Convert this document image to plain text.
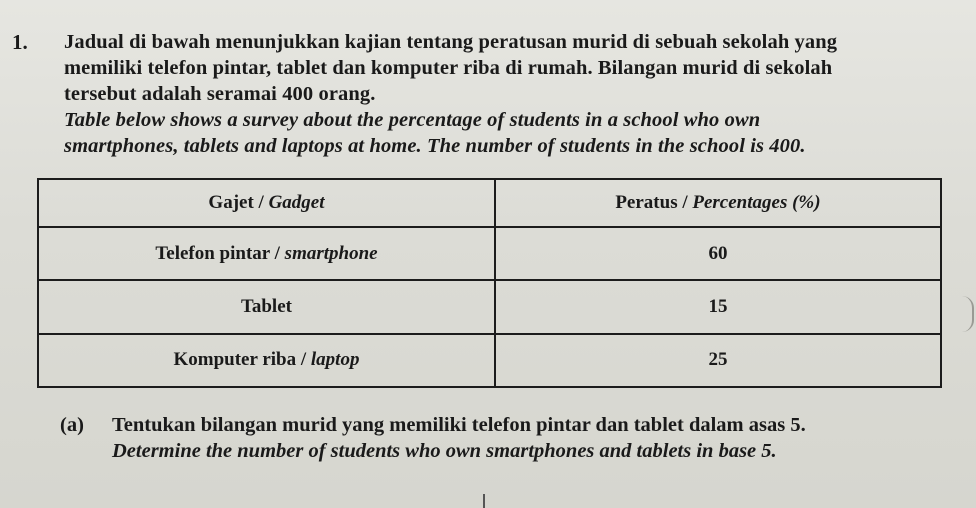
1. Jadual di bawah menunjukkan kajian tentang peratusan murid di sebuah sekolah yang
memiliki telefon pintar, tablet dan komputer riba di rumah. Bilangan murid di sekolah
tersebut adalah seramai 400 orang.
Table below shows a survey about the percentage of students in a school who own
smartphones, tablets and laptops at home. The number of students in the school is 400.
Gajet / Gadget	Peratus / Percentages (%)
Telefon pintar / smartphone	60
Tablet	15
Komputer riba / laptop	25
(a) Tentukan bilangan murid yang memiliki telefon pintar dan tablet dalam asas 5.
Determine the number of students who own smartphones and tablets in base 5.
